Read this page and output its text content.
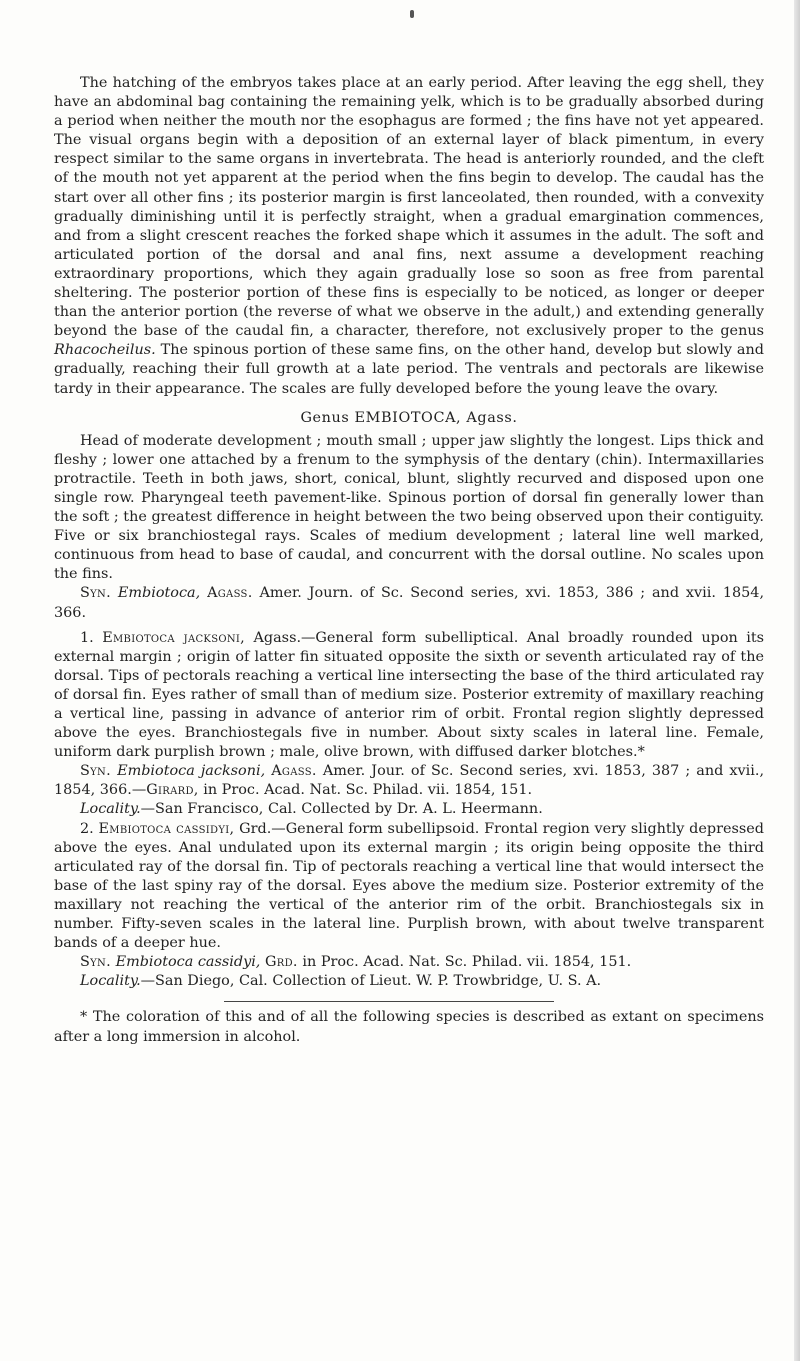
The hatching of the embryos takes place at an early period. After leaving the egg shell, they have an abdominal bag containing the remaining yelk, which is to be gradually absorbed during a period when neither the mouth nor the esophagus are formed ; the fins have not yet appeared. The visual organs begin with a deposition of an external layer of black pimentum, in every respect similar to the same organs in invertebrata. The head is anteriorly rounded, and the cleft of the mouth not yet apparent at the period when the fins begin to develop. The caudal has the start over all other fins ; its posterior margin is first lanceolated, then rounded, with a convexity gradually diminishing until it is perfectly straight, when a gradual emargination commences, and from a slight crescent reaches the forked shape which it assumes in the adult. The soft and articulated portion of the dorsal and anal fins, next assume a development reaching extraordinary proportions, which they again gradually lose so soon as free from parental sheltering. The posterior portion of these fins is especially to be noticed, as longer or deeper than the anterior portion (the reverse of what we observe in the adult,) and extending generally beyond the base of the caudal fin, a character, therefore, not exclusively proper to the genus Rhacocheilus. The spinous portion of these same fins, on the other hand, develop but slowly and gradually, reaching their full growth at a late period. The ventrals and pectorals are likewise tardy in their appearance. The scales are fully developed before the young leave the ovary.

Genus EMBIOTOCA, Agass.

Head of moderate development ; mouth small ; upper jaw slightly the longest. Lips thick and fleshy ; lower one attached by a frenum to the symphysis of the dentary (chin). Intermaxillaries protractile. Teeth in both jaws, short, conical, blunt, slightly recurved and disposed upon one single row. Pharyngeal teeth pavement-like. Spinous portion of dorsal fin generally lower than the soft ; the greatest difference in height between the two being observed upon their contiguity. Five or six branchiostegal rays. Scales of medium development ; lateral line well marked, continuous from head to base of caudal, and concurrent with the dorsal outline. No scales upon the fins.

Syn. Embiotoca, Agass. Amer. Journ. of Sc. Second series, xvi. 1853, 386 ; and xvii. 1854, 366.

1. Embiotoca jacksoni, Agass.—General form subelliptical. Anal broadly rounded upon its external margin ; origin of latter fin situated opposite the sixth or seventh articulated ray of the dorsal. Tips of pectorals reaching a vertical line intersecting the base of the third articulated ray of dorsal fin. Eyes rather of small than of medium size. Posterior extremity of maxillary reaching a vertical line, passing in advance of anterior rim of orbit. Frontal region slightly depressed above the eyes. Branchiostegals five in number. About sixty scales in lateral line. Female, uniform dark purplish brown ; male, olive brown, with diffused darker blotches.*

Syn. Embiotoca jacksoni, Agass. Amer. Jour. of Sc. Second series, xvi. 1853, 387 ; and xvii., 1854, 366.—Girard, in Proc. Acad. Nat. Sc. Philad. vii. 1854, 151.

Locality.—San Francisco, Cal. Collected by Dr. A. L. Heermann.

2. Embiotoca cassidyi, Grd.—General form subellipsoid. Frontal region very slightly depressed above the eyes. Anal undulated upon its external margin ; its origin being opposite the third articulated ray of the dorsal fin. Tip of pectorals reaching a vertical line that would intersect the base of the last spiny ray of the dorsal. Eyes above the medium size. Posterior extremity of the maxillary not reaching the vertical of the anterior rim of the orbit. Branchiostegals six in number. Fifty-seven scales in the lateral line. Purplish brown, with about twelve transparent bands of a deeper hue.

Syn. Embiotoca cassidyi, Grd. in Proc. Acad. Nat. Sc. Philad. vii. 1854, 151.

Locality.—San Diego, Cal. Collection of Lieut. W. P. Trowbridge, U. S. A.

* The coloration of this and of all the following species is described as extant on specimens after a long immersion in alcohol.
